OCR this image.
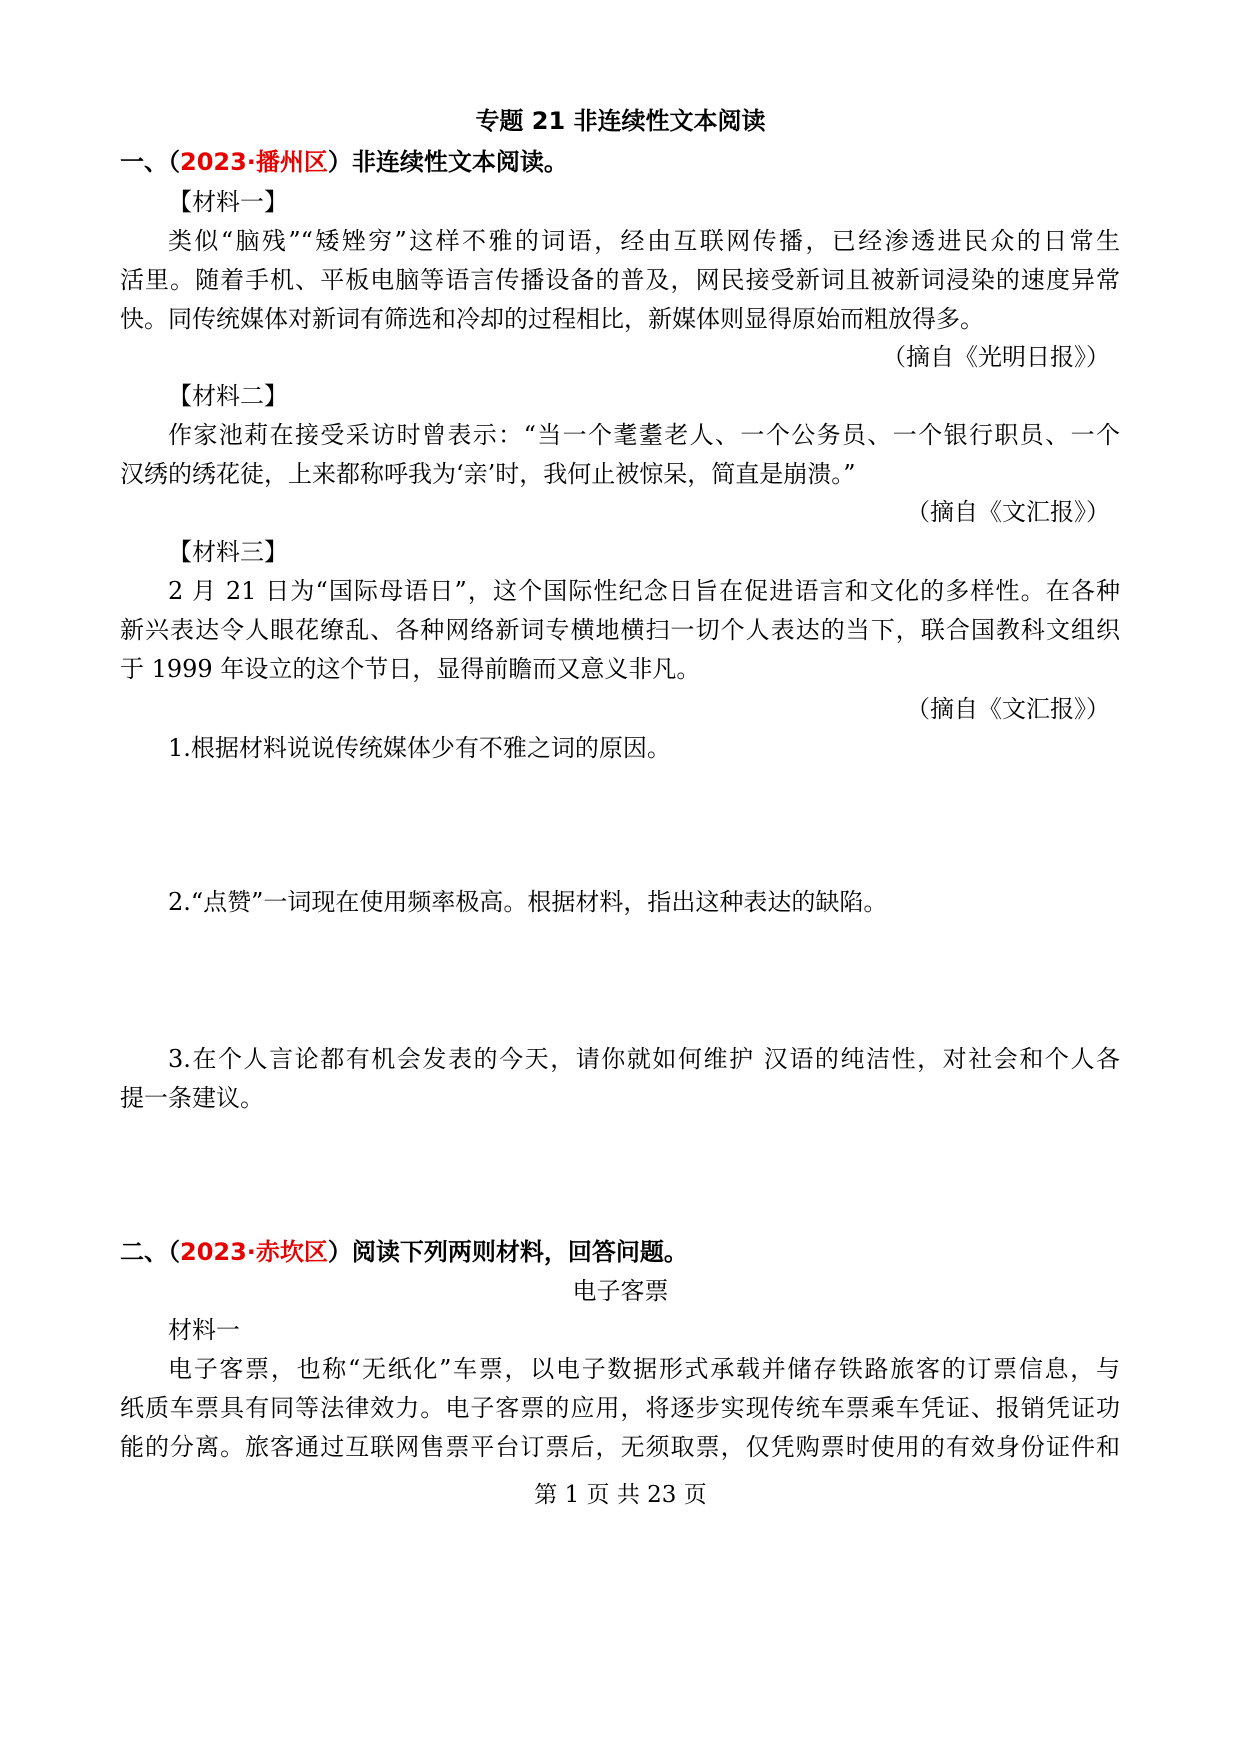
专题 21 非连续性文本阅读
一、（2023·播州区）非连续性文本阅读。
【材料一】
类似“脑残”“矮矬穷”这样不雅的词语，经由互联网传播，已经渗透进民众的日常生
活里。随着手机、平板电脑等语言传播设备的普及，网民接受新词且被新词浸染的速度异常
快。同传统媒体对新词有筛选和冷却的过程相比，新媒体则显得原始而粗放得多。
（摘自《光明日报》）
【材料二】
作家池莉在接受采访时曾表示：“当一个耄耋老人、一个公务员、一个银行职员、一个
汉绣的绣花徒，上来都称呼我为‘亲’时，我何止被惊呆，简直是崩溃。”
（摘自《文汇报》）
【材料三】
2 月 21 日为“国际母语日”，这个国际性纪念日旨在促进语言和文化的多样性。在各种
新兴表达令人眼花缭乱、各种网络新词专横地横扫一切个人表达的当下，联合国教科文组织
于 1999 年设立的这个节日，显得前瞻而又意义非凡。
（摘自《文汇报》）
1.根据材料说说传统媒体少有不雅之词的原因。
2.“点赞”一词现在使用频率极高。根据材料，指出这种表达的缺陷。
3.在个人言论都有机会发表的今天，请你就如何维护 汉语的纯洁性，对社会和个人各
提一条建议。
二、（2023·赤坎区）阅读下列两则材料，回答问题。
电子客票
材料一
电子客票，也称“无纸化”车票，以电子数据形式承载并储存铁路旅客的订票信息，与
纸质车票具有同等法律效力。电子客票的应用，将逐步实现传统车票乘车凭证、报销凭证功
能的分离。旅客通过互联网售票平台订票后，无须取票，仅凭购票时使用的有效身份证件和
第 1 页 共 23 页
